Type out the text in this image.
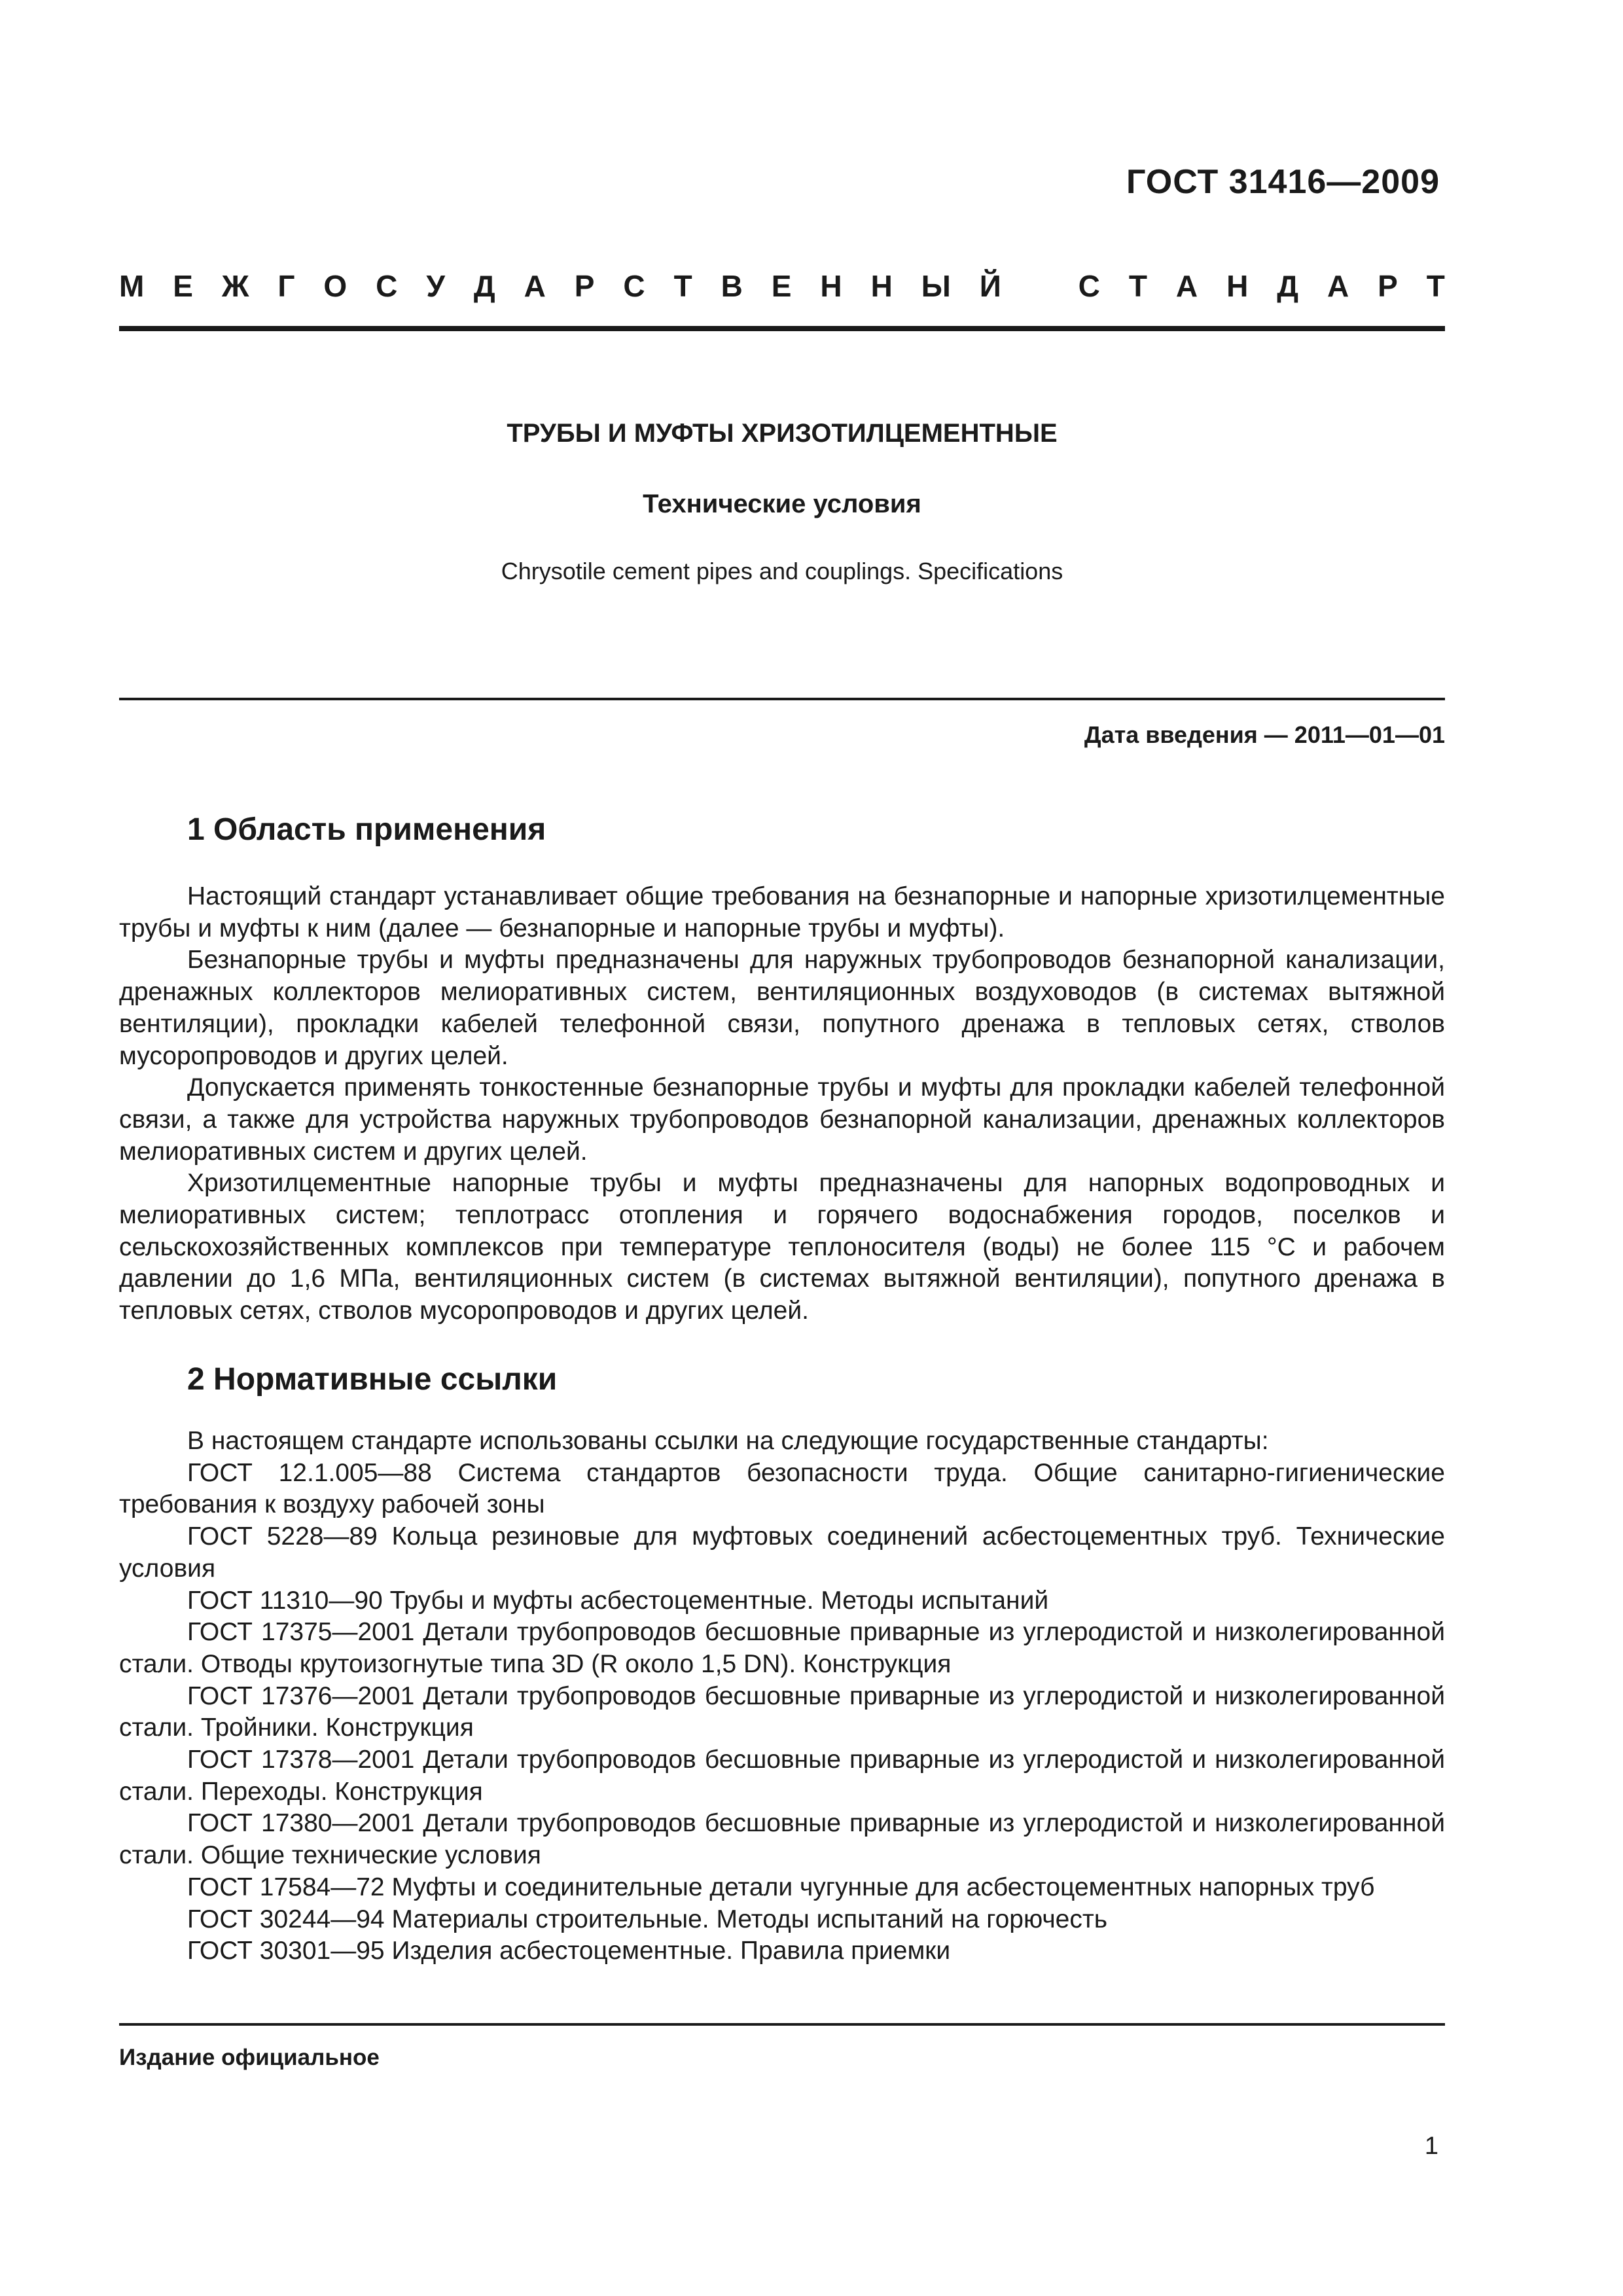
ГОСТ 31416—2009
М Е Ж Г О С У Д А Р С Т В Е Н Н Ы Й	С Т А Н Д А Р Т
ТРУБЫ И МУФТЫ ХРИЗОТИЛЦЕМЕНТНЫЕ
Технические условия
Chrysotile cement pipes and couplings. Specifications
Дата введения — 2011—01—01
1 Область применения

Настоящий стандарт устанавливает общие требования на безнапорные и напорные хризотилцементные трубы и муфты к ним (далее — безнапорные и напорные трубы и муфты).

Безнапорные трубы и муфты предназначены для наружных трубопроводов безнапорной канализации, дренажных коллекторов мелиоративных систем, вентиляционных воздуховодов (в системах вытяжной вентиляции), прокладки кабелей телефонной связи, попутного дренажа в тепловых сетях, стволов мусоропроводов и других целей.

Допускается применять тонкостенные безнапорные трубы и муфты для прокладки кабелей телефонной связи, а также для устройства наружных трубопроводов безнапорной канализации, дренажных коллекторов мелиоративных систем и других целей.

Хризотилцементные напорные трубы и муфты предназначены для напорных водопроводных и мелиоративных систем; теплотрасс отопления и горячего водоснабжения городов, поселков и сельскохозяйственных комплексов при температуре теплоносителя (воды) не более 115 °С и рабочем давлении до 1,6 МПа, вентиляционных систем (в системах вытяжной вентиляции), попутного дренажа в тепловых сетях, стволов мусоропроводов и других целей.

2 Нормативные ссылки

В настоящем стандарте использованы ссылки на следующие государственные стандарты:

ГОСТ 12.1.005—88 Система стандартов безопасности труда. Общие санитарно-гигиенические требования к воздуху рабочей зоны

ГОСТ 5228—89 Кольца резиновые для муфтовых соединений асбестоцементных труб. Технические условия

ГОСТ 11310—90 Трубы и муфты асбестоцементные. Методы испытаний

ГОСТ 17375—2001 Детали трубопроводов бесшовные приварные из углеродистой и низколегированной стали. Отводы крутоизогнутые типа 3D (R около 1,5 DN). Конструкция

ГОСТ 17376—2001 Детали трубопроводов бесшовные приварные из углеродистой и низколегированной стали. Тройники. Конструкция

ГОСТ 17378—2001 Детали трубопроводов бесшовные приварные из углеродистой и низколегированной стали. Переходы. Конструкция

ГОСТ 17380—2001 Детали трубопроводов бесшовные приварные из углеродистой и низколегированной стали. Общие технические условия

ГОСТ 17584—72 Муфты и соединительные детали чугунные для асбестоцементных напорных труб

ГОСТ 30244—94 Материалы строительные. Методы испытаний на горючесть

ГОСТ 30301—95 Изделия асбестоцементные. Правила приемки

Издание официальное
1
